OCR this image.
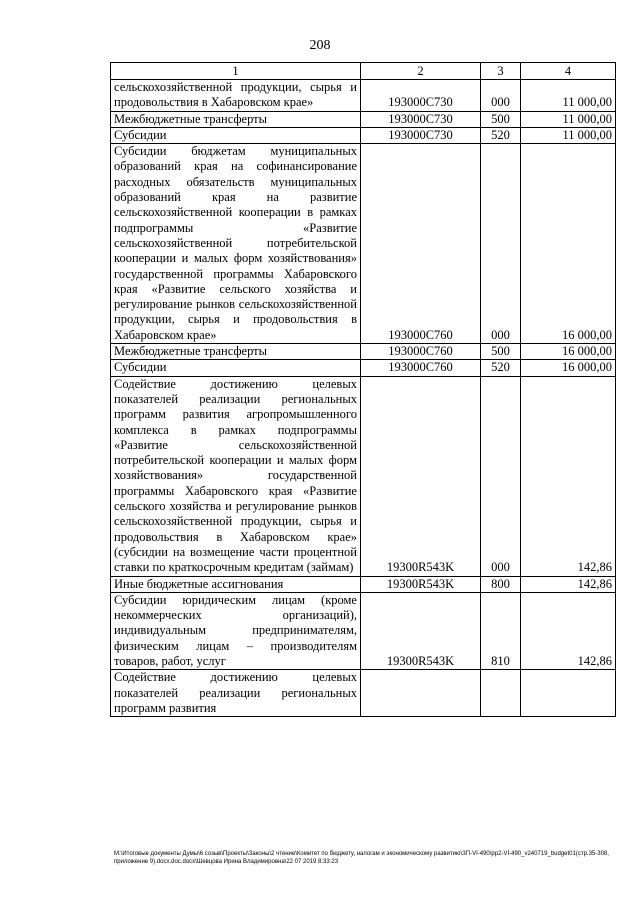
208
1	2	3	4
сельскохозяйственной продукции, сырья и продовольствия в Хабаровском крае»	193000C730	000	11 000,00
Межбюджетные трансферты	193000C730	500	11 000,00
Субсидии	193000C730	520	11 000,00
Субсидии бюджетам муниципальных образований края на софинансирование расходных обязательств муниципальных образований края на развитие сельскохозяйственной кооперации в рамках подпрограммы «Развитие сельскохозяйственной потребительской кооперации и малых форм хозяйствования» государственной программы Хабаровского края «Развитие сельского хозяйства и регулирование рынков сельскохозяйственной продукции, сырья и продовольствия в Хабаровском крае»	193000C760	000	16 000,00
Межбюджетные трансферты	193000C760	500	16 000,00
Субсидии	193000C760	520	16 000,00
Содействие достижению целевых показателей реализации региональных программ развития агропромышленного комплекса в рамках подпрограммы «Развитие сельскохозяйственной потребительской кооперации и малых форм хозяйствования» государственной программы Хабаровского края «Развитие сельского хозяйства и регулирование рынков сельскохозяйственной продукции, сырья и продовольствия в Хабаровском крае» (субсидии на возмещение части процентной ставки по краткосрочным кредитам (займам)	19300R543K	000	142,86
Иные бюджетные ассигнования	19300R543K	800	142,86
Субсидии юридическим лицам (кроме некоммерческих организаций), индивидуальным предпринимателям, физическим лицам – производителям товаров, работ, услуг	19300R543K	810	142,86
Содействие достижению целевых показателей реализации региональных программ развития			
M:\Итоговые документы Думы\6 созыв\Проекты\Законы\2 чтение\Комитет по бюджету, налогам и экономическому развитию\ЗП-VI-490\рр2-VI-490_v240719_budget01(стр.35-308, приложение 9).docx.doc.docx\Шевцова Ирина Владимировна\22 07 2019 8:33:23
